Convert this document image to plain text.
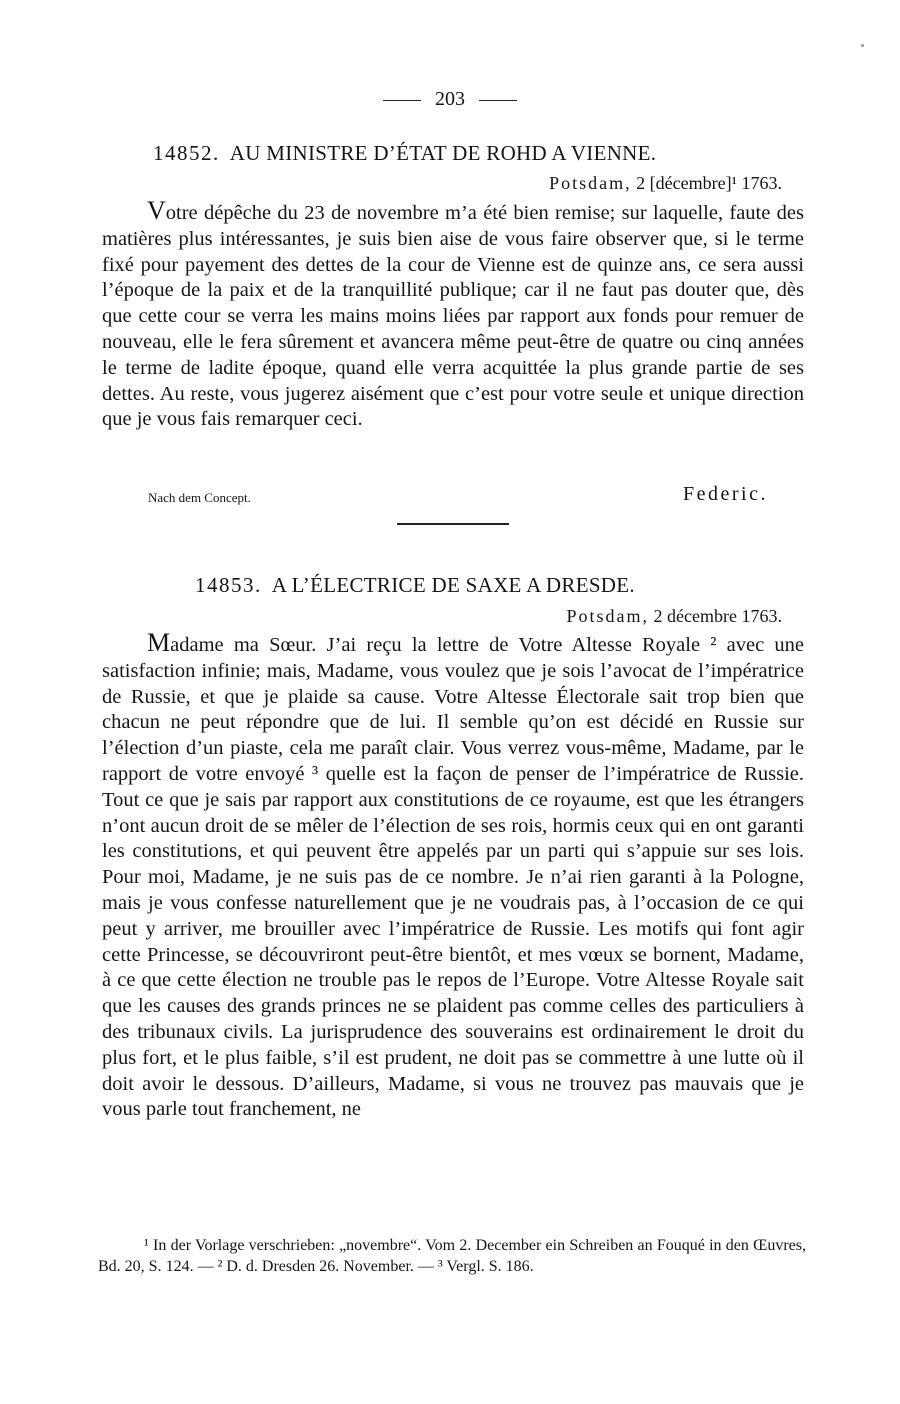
203
14852. AU MINISTRE D’ÉTAT DE ROHD A VIENNE.
Potsdam, 2 [décembre]¹ 1763.

Votre dépêche du 23 de novembre m’a été bien remise; sur laquelle, faute des matières plus intéressantes, je suis bien aise de vous faire observer que, si le terme fixé pour payement des dettes de la cour de Vienne est de quinze ans, ce sera aussi l’époque de la paix et de la tranquillité publique; car il ne faut pas douter que, dès que cette cour se verra les mains moins liées par rapport aux fonds pour remuer de nouveau, elle le fera sûrement et avancera même peut-être de quatre ou cinq années le terme de ladite époque, quand elle verra acquittée la plus grande partie de ses dettes. Au reste, vous jugerez aisément que c’est pour votre seule et unique direction que je vous fais remarquer ceci.

Nach dem Concept.	Federic.
14853. A L’ÉLECTRICE DE SAXE A DRESDE.
Potsdam, 2 décembre 1763.

Madame ma Sœur. J’ai reçu la lettre de Votre Altesse Royale ² avec une satisfaction infinie; mais, Madame, vous voulez que je sois l’avocat de l’impératrice de Russie, et que je plaide sa cause. Votre Altesse Électorale sait trop bien que chacun ne peut répondre que de lui. Il semble qu’on est décidé en Russie sur l’élection d’un piaste, cela me paraît clair. Vous verrez vous-même, Madame, par le rapport de votre envoyé ³ quelle est la façon de penser de l’impératrice de Russie. Tout ce que je sais par rapport aux constitutions de ce royaume, est que les étrangers n’ont aucun droit de se mêler de l’élection de ses rois, hormis ceux qui en ont garanti les constitutions, et qui peuvent être appelés par un parti qui s’appuie sur ses lois. Pour moi, Madame, je ne suis pas de ce nombre. Je n’ai rien garanti à la Pologne, mais je vous confesse naturellement que je ne voudrais pas, à l’occasion de ce qui peut y arriver, me brouiller avec l’impératrice de Russie. Les motifs qui font agir cette Princesse, se découvriront peut-être bientôt, et mes vœux se bornent, Madame, à ce que cette élection ne trouble pas le repos de l’Europe. Votre Altesse Royale sait que les causes des grands princes ne se plaident pas comme celles des particuliers à des tribunaux civils. La jurisprudence des souverains est ordinairement le droit du plus fort, et le plus faible, s’il est prudent, ne doit pas se commettre à une lutte où il doit avoir le dessous. D’ailleurs, Madame, si vous ne trouvez pas mauvais que je vous parle tout franchement, ne

¹ In der Vorlage verschrieben: „novembre“. Vom 2. December ein Schreiben an Fouqué in den Œuvres, Bd. 20, S. 124. — ² D. d. Dresden 26. November. — ³ Vergl. S. 186.
